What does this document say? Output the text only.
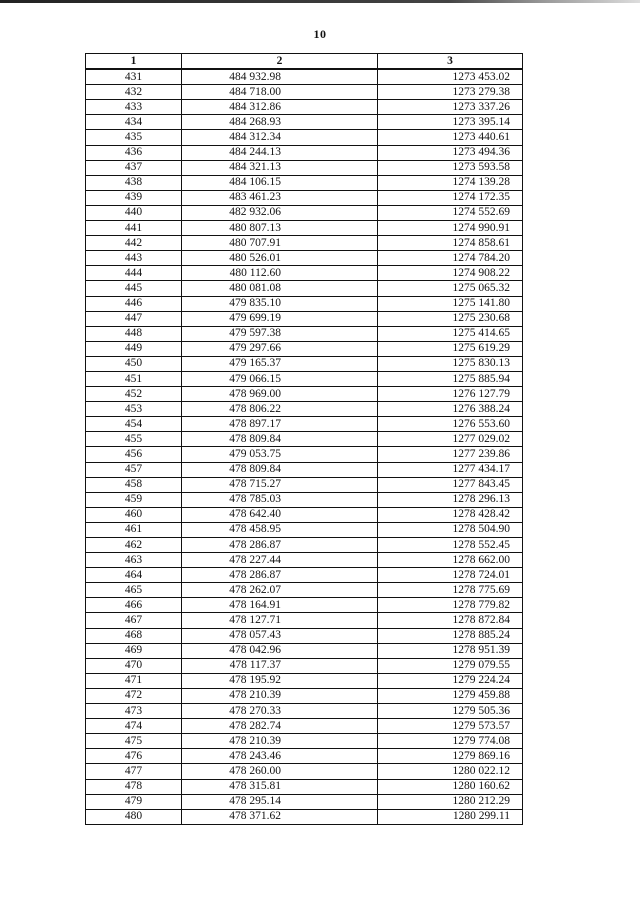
10
1	2	3
431	484 932.98	1273 453.02
432	484 718.00	1273 279.38
433	484 312.86	1273 337.26
434	484 268.93	1273 395.14
435	484 312.34	1273 440.61
436	484 244.13	1273 494.36
437	484 321.13	1273 593.58
438	484 106.15	1274 139.28
439	483 461.23	1274 172.35
440	482 932.06	1274 552.69
441	480 807.13	1274 990.91
442	480 707.91	1274 858.61
443	480 526.01	1274 784.20
444	480 112.60	1274 908.22
445	480 081.08	1275 065.32
446	479 835.10	1275 141.80
447	479 699.19	1275 230.68
448	479 597.38	1275 414.65
449	479 297.66	1275 619.29
450	479 165.37	1275 830.13
451	479 066.15	1275 885.94
452	478 969.00	1276 127.79
453	478 806.22	1276 388.24
454	478 897.17	1276 553.60
455	478 809.84	1277 029.02
456	479 053.75	1277 239.86
457	478 809.84	1277 434.17
458	478 715.27	1277 843.45
459	478 785.03	1278 296.13
460	478 642.40	1278 428.42
461	478 458.95	1278 504.90
462	478 286.87	1278 552.45
463	478 227.44	1278 662.00
464	478 286.87	1278 724.01
465	478 262.07	1278 775.69
466	478 164.91	1278 779.82
467	478 127.71	1278 872.84
468	478 057.43	1278 885.24
469	478 042.96	1278 951.39
470	478 117.37	1279 079.55
471	478 195.92	1279 224.24
472	478 210.39	1279 459.88
473	478 270.33	1279 505.36
474	478 282.74	1279 573.57
475	478 210.39	1279 774.08
476	478 243.46	1279 869.16
477	478 260.00	1280 022.12
478	478 315.81	1280 160.62
479	478 295.14	1280 212.29
480	478 371.62	1280 299.11
